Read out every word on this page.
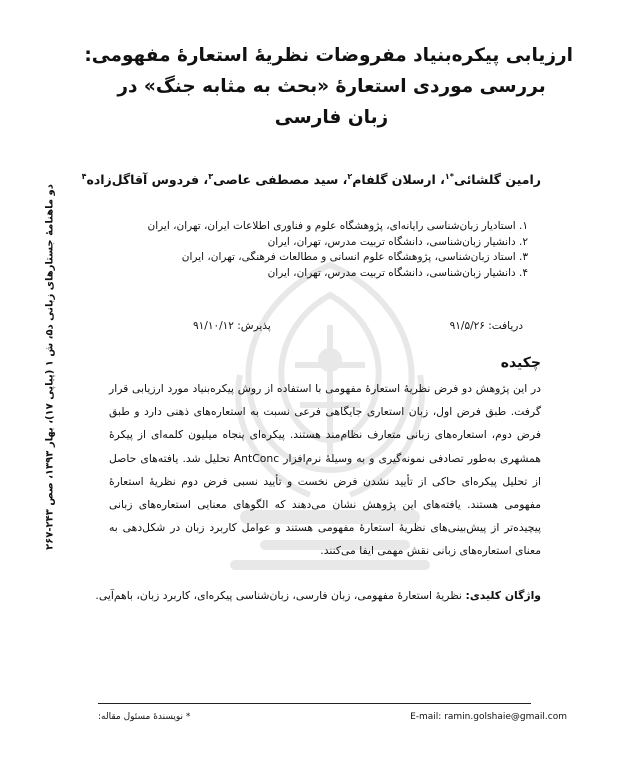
ارزیابی پیکره‌بنیاد مفروضات نظریهٔ استعارهٔ مفهومی:
بررسی موردی استعارهٔ «بحث به مثابه جنگ» در
زبان فارسی
رامین گلشائی$^{*۱}$، ارسلان گلفام$^۲$، سید مصطفی عاصی$^۳$، فردوس آقاگل‌زاده$^۴$
۱. استادیار زبان‌شناسی رایانه‌ای، پژوهشگاه علوم و فناوری اطلاعات ایران، تهران، ایران
۲. دانشیار زبان‌شناسی، دانشگاه تربیت مدرس، تهران، ایران
۳. استاد زبان‌شناسی، پژوهشگاه علوم انسانی و مطالعات فرهنگی، تهران، ایران
۴. دانشیار زبان‌شناسی، دانشگاه تربیت مدرس، تهران، ایران
دریافت: ۹۱/۵/۲۶
پذیرش: ۹۱/۱۰/۱۲
چکیده
در این پژوهش دو فرض نظریهٔ استعارهٔ مفهومی با استفاده از روش پیکره‌بنیاد مورد ارزیابی قرار گرفت. طبق فرض اول، زبان استعاری جایگاهی فرعی نسبت به استعاره‌های ذهنی دارد و طبق فرض دوم، استعاره‌های زبانی متعارف نظام‌مند هستند. پیکره‌ای پنجاه میلیون کلمه‌ای از پیکرهٔ همشهری به‌طور تصادفی نمونه‌گیری و به وسیلهٔ نرم‌افزار AntConc تحلیل شد. یافته‌های حاصل از تحلیل پیکره‌ای حاکی از تأیید نشدن فرض نخست و تأیید نسبی فرض دوم نظریهٔ استعارهٔ مفهومی هستند. یافته‌های این پژوهش نشان می‌دهند که الگوهای معنایی استعاره‌های زبانی پیچیده‌تر از پیش‌بینی‌های نظریهٔ استعارهٔ مفهومی هستند و عوامل کاربرد زبان در شکل‌دهی به معنای استعاره‌های زبانی نقش مهمی ایفا می‌کنند.
واژگان کلیدی: نظریهٔ استعارهٔ مفهومی، زبان فارسی، زبان‌شناسی پیکره‌ای، کاربرد زبان، باهم‌آیی.
دو ماهنامهٔ جستارهای زبانی د۵، ش ۱ (پیاپی ۱۷)، بهار ۱۳۹۳، صص ۲۴۳-۲۶۷
E-mail: ramin.golshaie@gmail.com
* نویسندهٔ مسئول مقاله:
